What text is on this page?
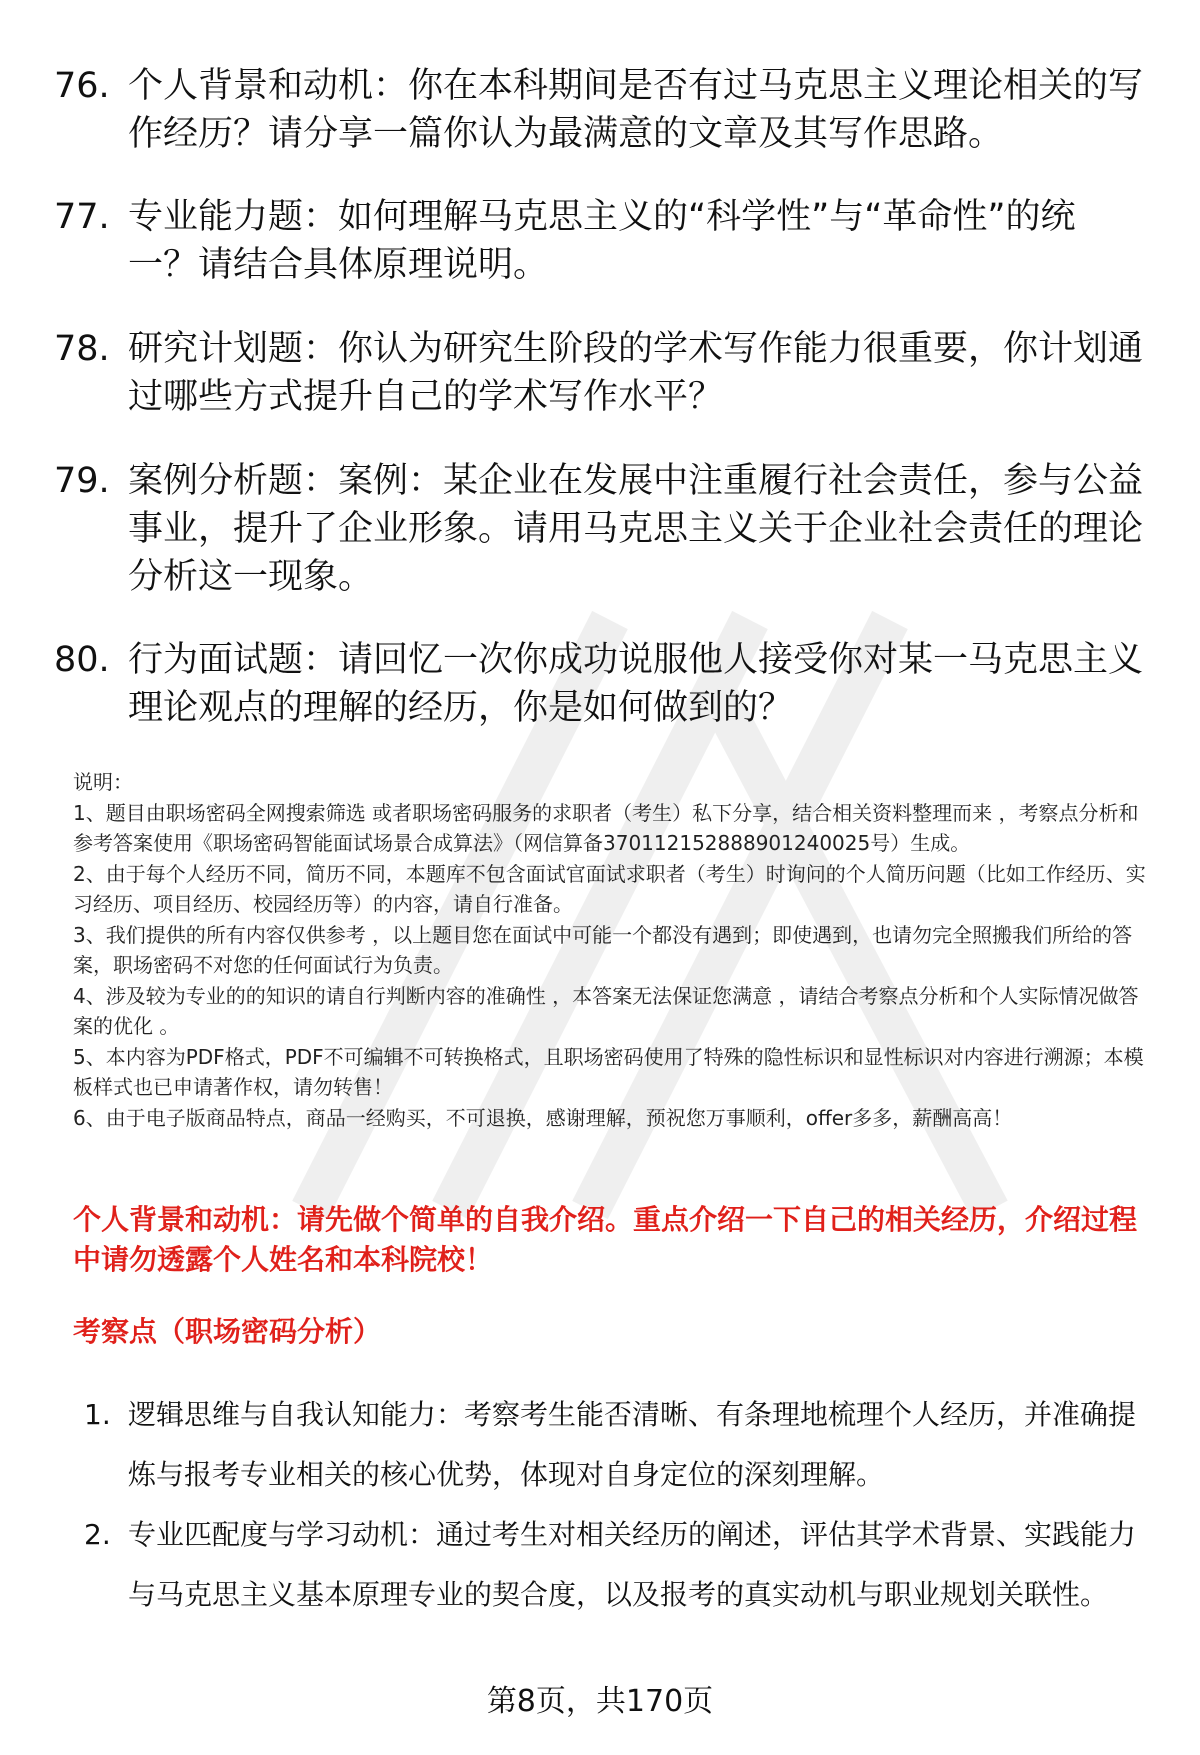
76. 个人背景和动机：你在本科期间是否有过马克思主义理论相关的写作经历？请分享一篇你认为最满意的文章及其写作思路。
77. 专业能力题：如何理解马克思主义的“科学性”与“革命性”的统一？请结合具体原理说明。
78. 研究计划题：你认为研究生阶段的学术写作能力很重要，你计划通过哪些方式提升自己的学术写作水平？
79. 案例分析题：案例：某企业在发展中注重履行社会责任，参与公益事业，提升了企业形象。请用马克思主义关于企业社会责任的理论分析这一现象。
80. 行为面试题：请回忆一次你成功说服他人接受你对某一马克思主义理论观点的理解的经历，你是如何做到的？
说明：
1、题目由职场密码全网搜索筛选 或者职场密码服务的求职者（考生）私下分享，结合相关资料整理而来 ，考察点分析和参考答案使用《职场密码智能面试场景合成算法》（网信算备370112152888901240025号）生成。
2、由于每个人经历不同，简历不同，本题库不包含面试官面试求职者（考生）时询问的个人简历问题（比如工作经历、实习经历、项目经历、校园经历等）的内容，请自行准备。
3、我们提供的所有内容仅供参考 ，以上题目您在面试中可能一个都没有遇到；即使遇到，也请勿完全照搬我们所给的答案，职场密码不对您的任何面试行为负责。
4、涉及较为专业的的知识的请自行判断内容的准确性 ，本答案无法保证您满意 ，请结合考察点分析和个人实际情况做答案的优化 。
5、本内容为PDF格式，PDF不可编辑不可转换格式，且职场密码使用了特殊的隐性标识和显性标识对内容进行溯源；本模板样式也已申请著作权，请勿转售！
6、由于电子版商品特点，商品一经购买，不可退换，感谢理解，预祝您万事顺利，offer多多，薪酬高高！
个人背景和动机：请先做个简单的自我介绍。重点介绍一下自己的相关经历，介绍过程中请勿透露个人姓名和本科院校！
考察点（职场密码分析）
1. 逻辑思维与自我认知能力：考察考生能否清晰、有条理地梳理个人经历，并准确提炼与报考专业相关的核心优势，体现对自身定位的深刻理解。
2. 专业匹配度与学习动机：通过考生对相关经历的阐述，评估其学术背景、实践能力与马克思主义基本原理专业的契合度，以及报考的真实动机与职业规划关联性。
第8页，共170页
